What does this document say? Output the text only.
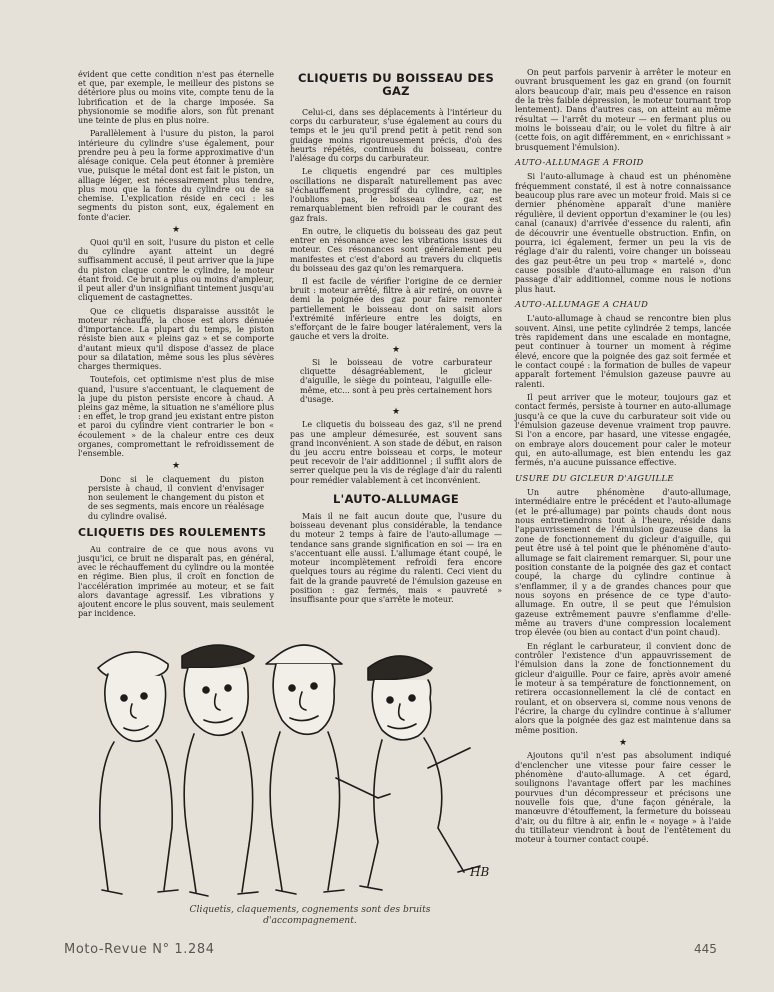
évident que cette condition n'est pas éternelle et que, par exemple, le meilleur des pistons se détériore plus ou moins vite, compte tenu de la lubrification et de la charge imposée. Sa physionomie se modifie alors, son fût prenant une teinte de plus en plus noire.

Parallèlement à l'usure du piston, la paroi intérieure du cylindre s'use également, pour prendre peu à peu la forme approximative d'un alésage conique. Cela peut étonner à première vue, puisque le métal dont est fait le piston, un alliage léger, est nécessairement plus tendre, plus mou que la fonte du cylindre ou de sa chemise. L'explication réside en ceci : les segments du piston sont, eux, également en fonte d'acier.

★

Quoi qu'il en soit, l'usure du piston et celle du cylindre ayant atteint un degré suffisamment accusé, il peut arriver que la jupe du piston claque contre le cylindre, le moteur étant froid. Ce bruit a plus ou moins d'ampleur, il peut aller d'un insignifiant tintement jusqu'au cliquement de castagnettes.

Que ce cliquetis disparaisse aussitôt le moteur réchauffé, la chose est alors dénuée d'importance. La plupart du temps, le piston résiste bien aux « pleins gaz » et se comporte d'autant mieux qu'il dispose d'assez de place pour sa dilatation, même sous les plus sévères charges thermiques.

Toutefois, cet optimisme n'est plus de mise quand, l'usure s'accentuant, le claquement de la jupe du piston persiste encore à chaud. A pleins gaz même, la situation ne s'améliore plus : en effet, le trop grand jeu existant entre piston et paroi du cylindre vient contrarier le bon « écoulement » de la chaleur entre ces deux organes, compromettant le refroidissement de l'ensemble.

★

Donc si le claquement du piston persiste à chaud, il convient d'envisager non seulement le changement du piston et de ses segments, mais encore un réalésage du cylindre ovalisé.

CLIQUETIS DES ROULEMENTS

Au contraire de ce que nous avons vu jusqu'ici, ce bruit ne disparaît pas, en général, avec le réchauffement du cylindre ou la montée en régime. Bien plus, il croît en fonction de l'accélération imprimée au moteur, et se fait alors davantage agressif. Les vibrations y ajoutent encore le plus souvent, mais seulement par incidence.

CLIQUETIS DU BOISSEAU DES GAZ

Celui-ci, dans ses déplacements à l'intérieur du corps du carburateur, s'use également au cours du temps et le jeu qu'il prend petit à petit rend son guidage moins rigoureusement précis, d'où des heurts répétés, continuels du boisseau, contre l'alésage du corps du carburateur.

Le cliquetis engendré par ces multiples oscillations ne disparaît naturellement pas avec l'échauffement progressif du cylindre, car, ne l'oublions pas, le boisseau des gaz est remarquablement bien refroidi par le courant des gaz frais.

En outre, le cliquetis du boisseau des gaz peut entrer en résonance avec les vibrations issues du moteur. Ces résonances sont généralement peu manifestes et c'est d'abord au travers du cliquetis du boisseau des gaz qu'on les remarquera.

Il est facile de vérifier l'origine de ce dernier bruit : moteur arrêté, filtre à air retiré, on ouvre à demi la poignée des gaz pour faire remonter partiellement le boisseau dont on saisit alors l'extrémité inférieure entre les doigts, en s'efforçant de le faire bouger latéralement, vers la gauche et vers la droite.

★

Si le boisseau de votre carburateur cliquette désagréablement, le gicleur d'aiguille, le siège du pointeau, l'aiguille elle-même, etc... sont à peu près certainement hors d'usage.

★

Le cliquetis du boisseau des gaz, s'il ne prend pas une ampleur démesurée, est souvent sans grand inconvénient. A son stade de début, en raison du jeu accru entre boisseau et corps, le moteur peut recevoir de l'air additionnel ; il suffit alors de serrer quelque peu la vis de réglage d'air du ralenti pour remédier valablement à cet inconvénient.

L'AUTO-ALLUMAGE

Mais il ne fait aucun doute que, l'usure du boisseau devenant plus considérable, la tendance du moteur 2 temps à faire de l'auto-allumage — tendance sans grande signification en soi — ira en s'accentuant elle aussi. L'allumage étant coupé, le moteur incomplètement refroidi fera encore quelques tours au régime du ralenti. Ceci vient du fait de la grande pauvreté de l'émulsion gazeuse en position : gaz fermés, mais « pauvreté » insuffisante pour que s'arrête le moteur.

On peut parfois parvenir à arrêter le moteur en ouvrant brusquement les gaz en grand (on fournit alors beaucoup d'air, mais peu d'essence en raison de la très faible dépression, le moteur tournant trop lentement). Dans d'autres cas, on atteint au même résultat — l'arrêt du moteur — en fermant plus ou moins le boisseau d'air, ou le volet du filtre à air (cette fois, on agit différemment, en « enrichissant » brusquement l'émulsion).

AUTO-ALLUMAGE A FROID

Si l'auto-allumage à chaud est un phénomène fréquemment constaté, il est à notre connaissance beaucoup plus rare avec un moteur froid. Mais si ce dernier phénomène apparaît d'une manière régulière, il devient opportun d'examiner le (ou les) canal (canaux) d'arrivée d'essence du ralenti, afin de découvrir une éventuelle obstruction. Enfin, on pourra, ici également, fermer un peu la vis de réglage d'air du ralenti, voire changer un boisseau des gaz peut-être un peu trop « martelé », donc cause possible d'auto-allumage en raison d'un passage d'air additionnel, comme nous le notions plus haut.

AUTO-ALLUMAGE A CHAUD

L'auto-allumage à chaud se rencontre bien plus souvent. Ainsi, une petite cylindrée 2 temps, lancée très rapidement dans une escalade en montagne, peut continuer à tourner un moment à régime élevé, encore que la poignée des gaz soit fermée et le contact coupé : la formation de bulles de vapeur apparaît fortement l'émulsion gazeuse pauvre au ralenti.

Il peut arriver que le moteur, toujours gaz et contact fermés, persiste à tourner en auto-allumage jusqu'à ce que la cuve du carburateur soit vide ou l'émulsion gazeuse devenue vraiment trop pauvre. Si l'on a encore, par hasard, une vitesse engagée, on embraye alors doucement pour caler le moteur qui, en auto-allumage, est bien entendu les gaz fermés, n'a aucune puissance effective.

USURE DU GICLEUR D'AIGUILLE

Un autre phénomène d'auto-allumage, intermédiaire entre le précédent et l'auto-allumage (et le pré-allumage) par points chauds dont nous nous entretiendrons tout à l'heure, réside dans l'appauvrissement de l'émulsion gazeuse dans la zone de fonctionnement du gicleur d'aiguille, qui peut être usé à tel point que le phénomène d'auto-allumage se fait clairement remarquer. Si, pour une position constante de la poignée des gaz et contact coupé, la charge du cylindre continue à s'enflammer, il y a de grandes chances pour que nous soyons en présence de ce type d'auto-allumage. En outre, il se peut que l'émulsion gazeuse extrêmement pauvre s'enflamme d'elle-même au travers d'une compression localement trop élevée (ou bien au contact d'un point chaud).

En réglant le carburateur, il convient donc de contrôler l'existence d'un appauvrissement de l'émulsion dans la zone de fonctionnement du gicleur d'aiguille. Pour ce faire, après avoir amené le moteur à sa température de fonctionnement, on retirera occasionnellement la clé de contact en roulant, et on observera si, comme nous venons de l'écrire, la charge du cylindre continue à s'allumer alors que la poignée des gaz est maintenue dans sa même position.

★

Ajoutons qu'il n'est pas absolument indiqué d'enclencher une vitesse pour faire cesser le phénomène d'auto-allumage. A cet égard, soulignons l'avantage offert par les machines pourvues d'un décompresseur et précisons une nouvelle fois que, d'une façon générale, la manœuvre d'étouffement, la fermeture du boisseau d'air, ou du filtre à air, enfin le « noyage » à l'aide du titillateur viendront à bout de l'entêtement du moteur à tourner contact coupé.

HB
Cliquetis, claquements, cognements sont des bruits
d'accompagnement.
Moto-Revue N° 1.284	445
